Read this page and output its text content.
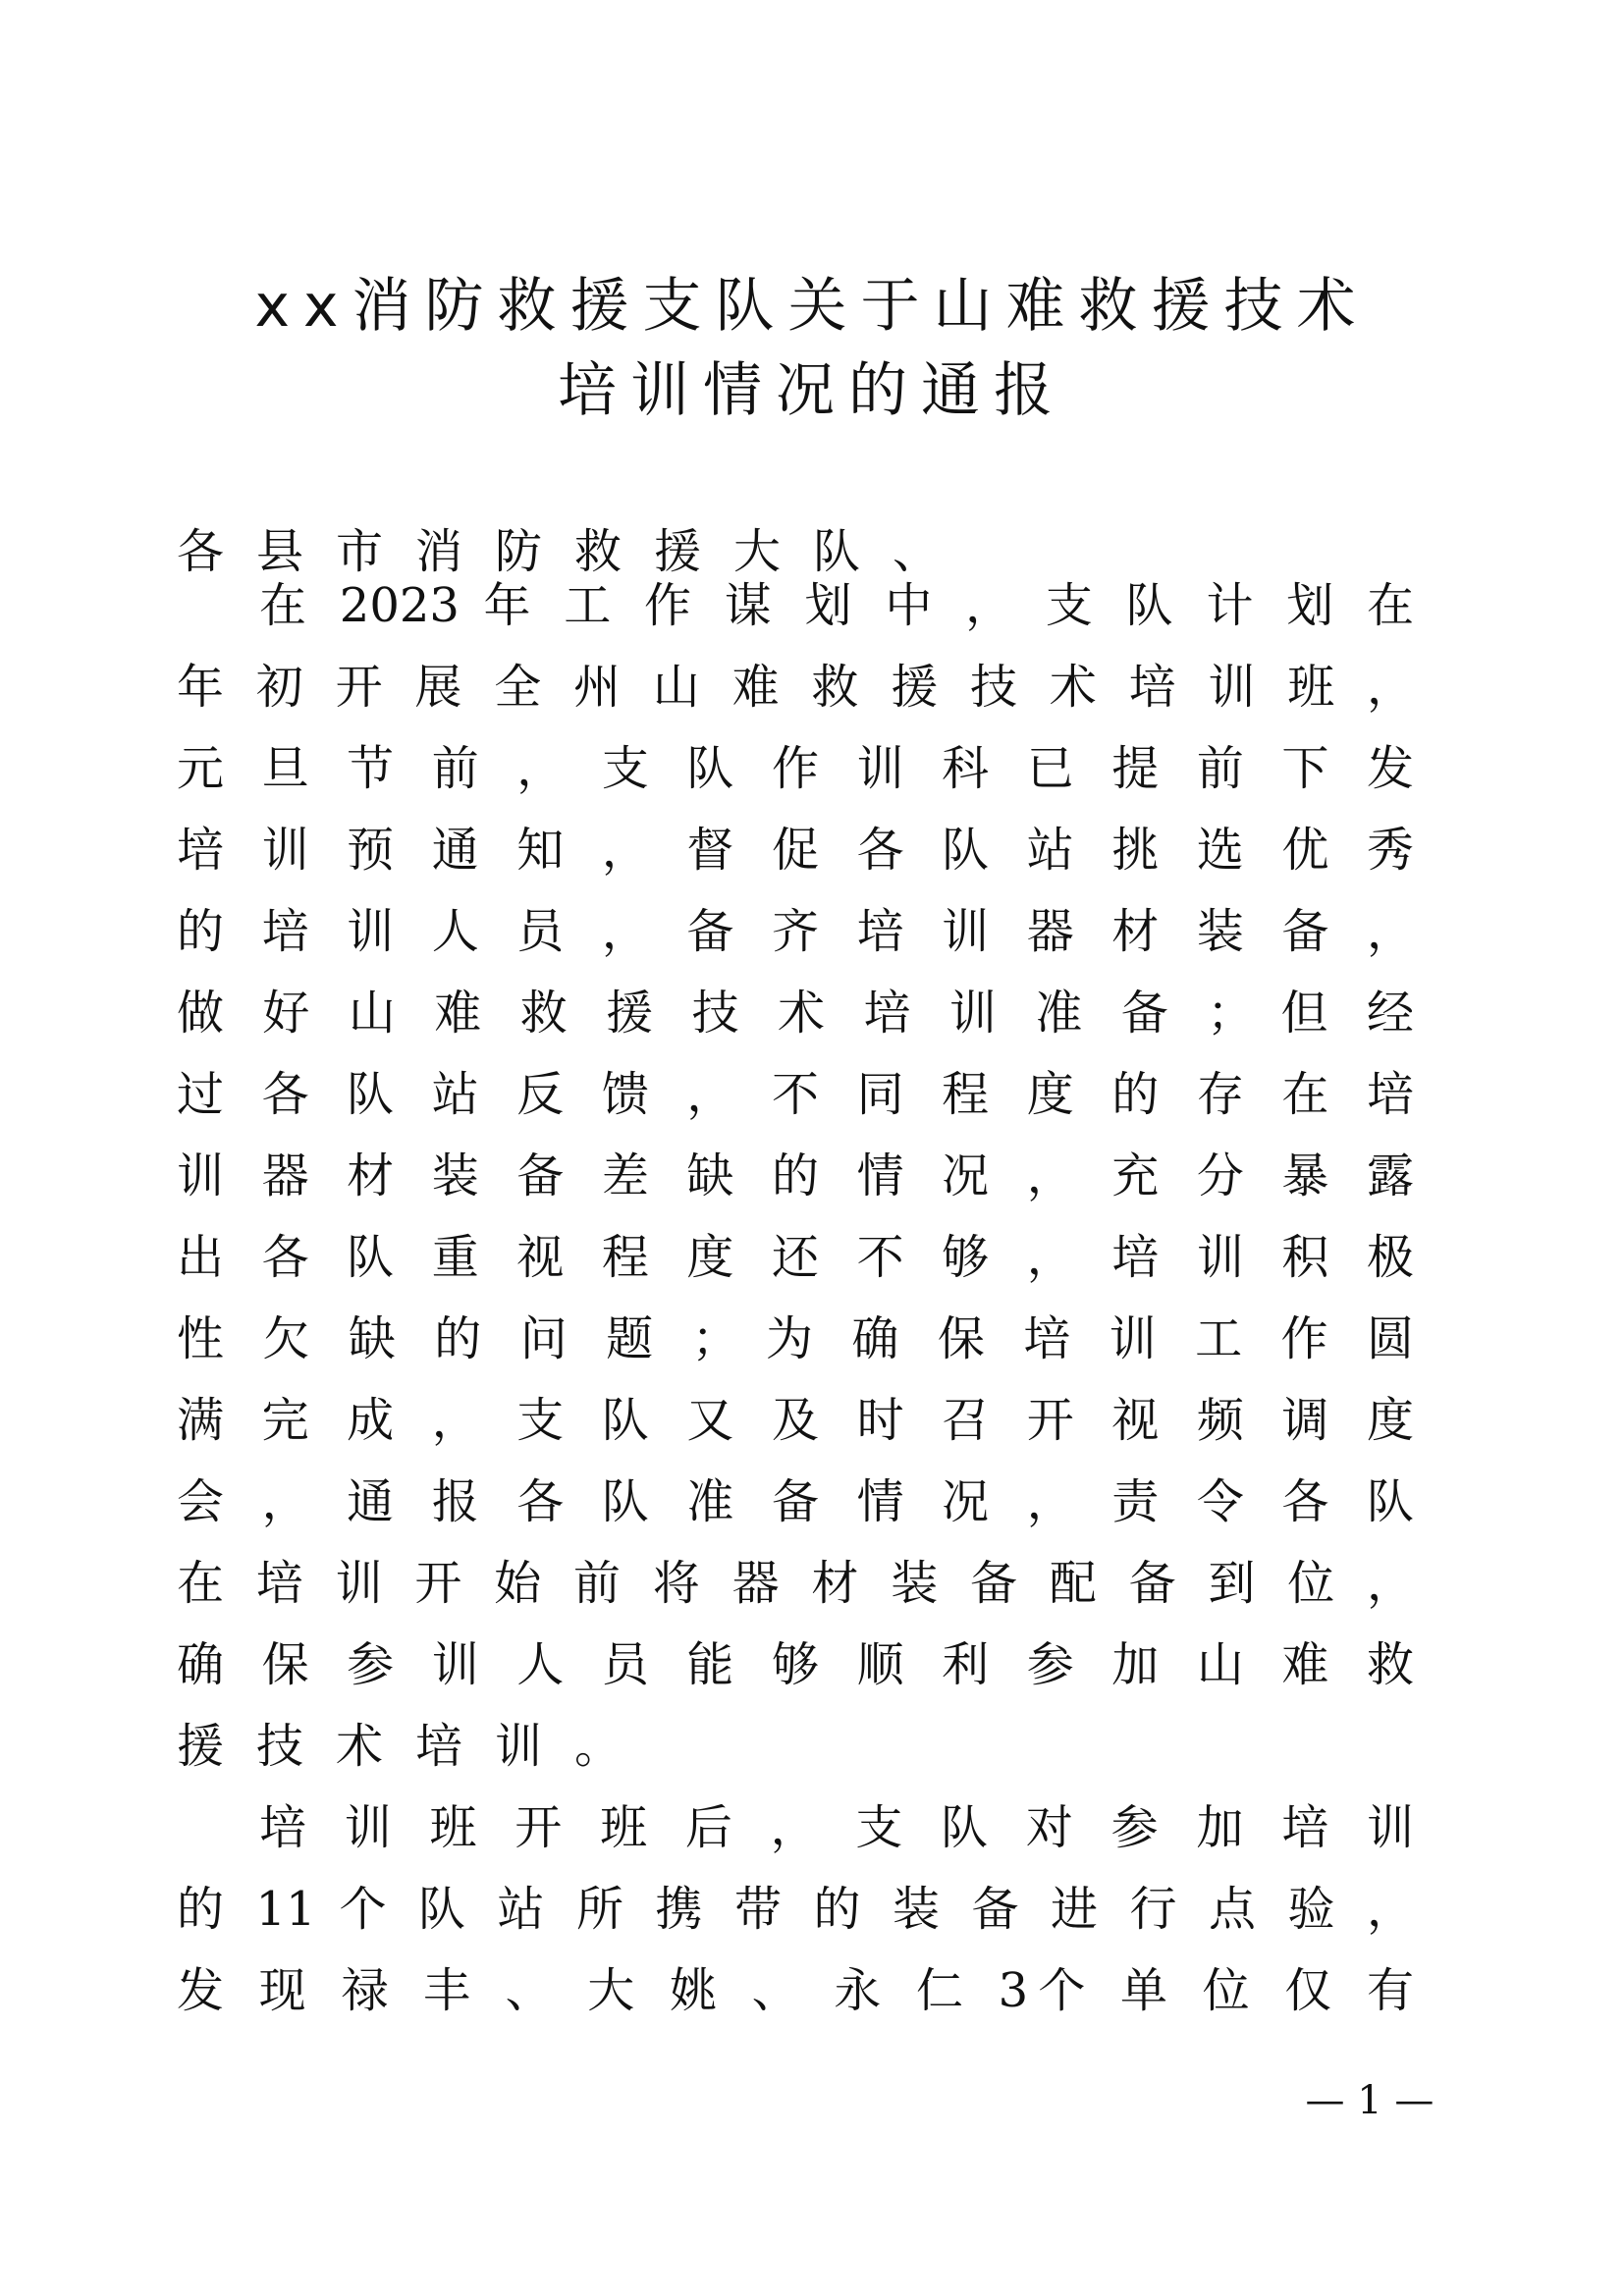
xx消防救援支队关于山难救援技术
培训情况的通报
各县市消防救援大队、
在 2023 年 工 作 谋 划 中 ， 支 队 计 划 在
年 初 开 展 全 州 山 难 救 援 技 术 培 训 班 ，
元 旦 节 前 ， 支 队 作 训 科 已 提 前 下 发
培 训 预 通 知 ， 督 促 各 队 站 挑 选 优 秀
的 培 训 人 员 ， 备 齐 培 训 器 材 装 备 ，
做 好 山 难 救 援 技 术 培 训 准 备 ； 但 经
过 各 队 站 反 馈 ， 不 同 程 度 的 存 在 培
训 器 材 装 备 差 缺 的 情 况 ， 充 分 暴 露
出 各 队 重 视 程 度 还 不 够 ， 培 训 积 极
性 欠 缺 的 问 题 ； 为 确 保 培 训 工 作 圆
满 完 成 ， 支 队 又 及 时 召 开 视 频 调 度
会 ， 通 报 各 队 准 备 情 况 ， 责 令 各 队
在 培 训 开 始 前 将 器 材 装 备 配 备 到 位 ，
确 保 参 训 人 员 能 够 顺 利 参 加 山 难 救
援技术培训。
培 训 班 开 班 后 ， 支 队 对 参 加 培 训
的 11 个 队 站 所 携 带 的 装 备 进 行 点 验 ，
发 现 禄 丰 、 大 姚 、 永 仁 3个 单 位 仅 有
— 1 —
